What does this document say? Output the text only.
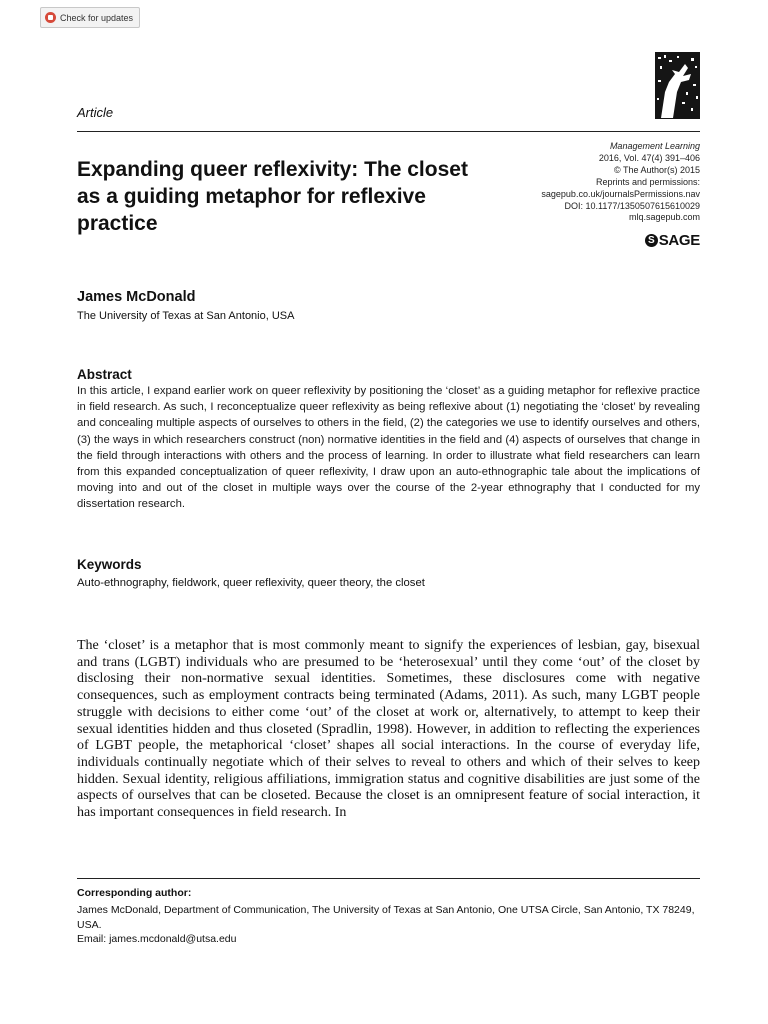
Check for updates
Article
Expanding queer reflexivity: The closet as a guiding metaphor for reflexive practice
Management Learning
2016, Vol. 47(4) 391–406
© The Author(s) 2015
Reprints and permissions:
sagepub.co.uk/journalsPermissions.nav
DOI: 10.1177/1350507615610029
mlq.sagepub.com
S SAGE
James McDonald
The University of Texas at San Antonio, USA
Abstract

In this article, I expand earlier work on queer reflexivity by positioning the ‘closet’ as a guiding metaphor for reflexive practice in field research. As such, I reconceptualize queer reflexivity as being reflexive about (1) negotiating the ‘closet’ by revealing and concealing multiple aspects of ourselves to others in the field, (2) the categories we use to identify ourselves and others, (3) the ways in which researchers construct (non) normative identities in the field and (4) aspects of ourselves that change in the field through interactions with others and the process of learning. In order to illustrate what field researchers can learn from this expanded conceptualization of queer reflexivity, I draw upon an auto-ethnographic tale about the implications of moving into and out of the closet in multiple ways over the course of the 2-year ethnography that I conducted for my dissertation research.

Keywords
Auto-ethnography, fieldwork, queer reflexivity, queer theory, the closet

The ‘closet’ is a metaphor that is most commonly meant to signify the experiences of lesbian, gay, bisexual and trans (LGBT) individuals who are presumed to be ‘heterosexual’ until they come ‘out’ of the closet by disclosing their non-normative sexual identities. Sometimes, these disclosures come with negative consequences, such as employment contracts being terminated (Adams, 2011). As such, many LGBT people struggle with decisions to either come ‘out’ of the closet at work or, alternatively, to attempt to keep their sexual identities hidden and thus closeted (Spradlin, 1998). However, in addition to reflecting the experiences of LGBT people, the metaphorical ‘closet’ shapes all social interactions. In the course of everyday life, individuals continually negotiate which of their selves to reveal to others and which of their selves to keep hidden. Sexual identity, religious affiliations, immigration status and cognitive disabilities are just some of the aspects of ourselves that can be closeted. Because the closet is an omnipresent feature of social interaction, it has important consequences in field research. In

Corresponding author:
James McDonald, Department of Communication, The University of Texas at San Antonio, One UTSA Circle, San Antonio, TX 78249, USA.
Email: james.mcdonald@utsa.edu
